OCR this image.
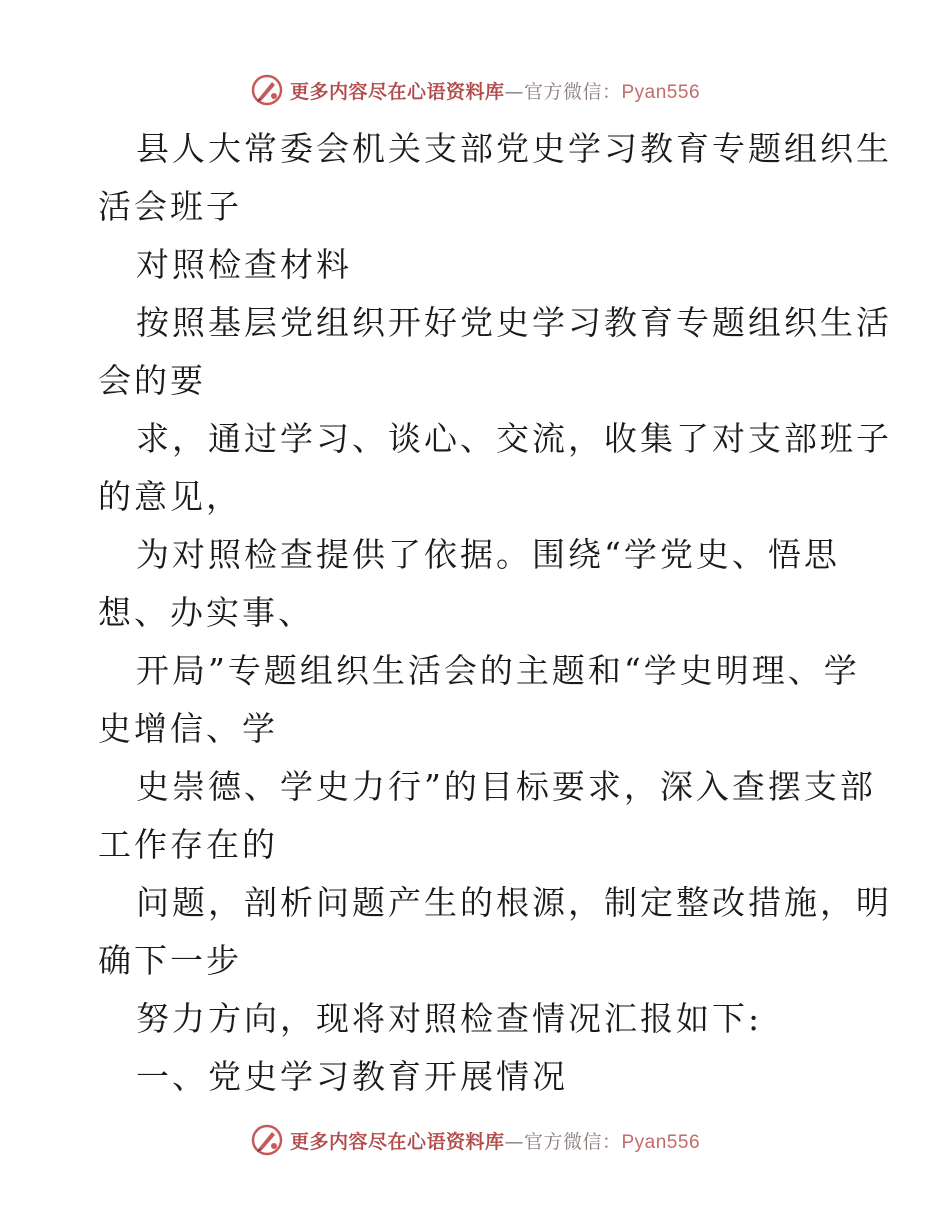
更多内容尽在心语资料库—官方微信：Pyan556
县人大常委会机关支部党史学习教育专题组织生
活会班子
对照检查材料
按照基层党组织开好党史学习教育专题组织生活
会的要
求，通过学习、谈心、交流，收集了对支部班子
的意见，
为对照检查提供了依据。围绕“学党史、悟思
想、办实事、
开局”专题组织生活会的主题和“学史明理、学
史增信、学
史崇德、学史力行”的目标要求，深入查摆支部
工作存在的
问题，剖析问题产生的根源，制定整改措施，明
确下一步
努力方向，现将对照检查情况汇报如下:
一、党史学习教育开展情况
更多内容尽在心语资料库—官方微信：Pyan556
